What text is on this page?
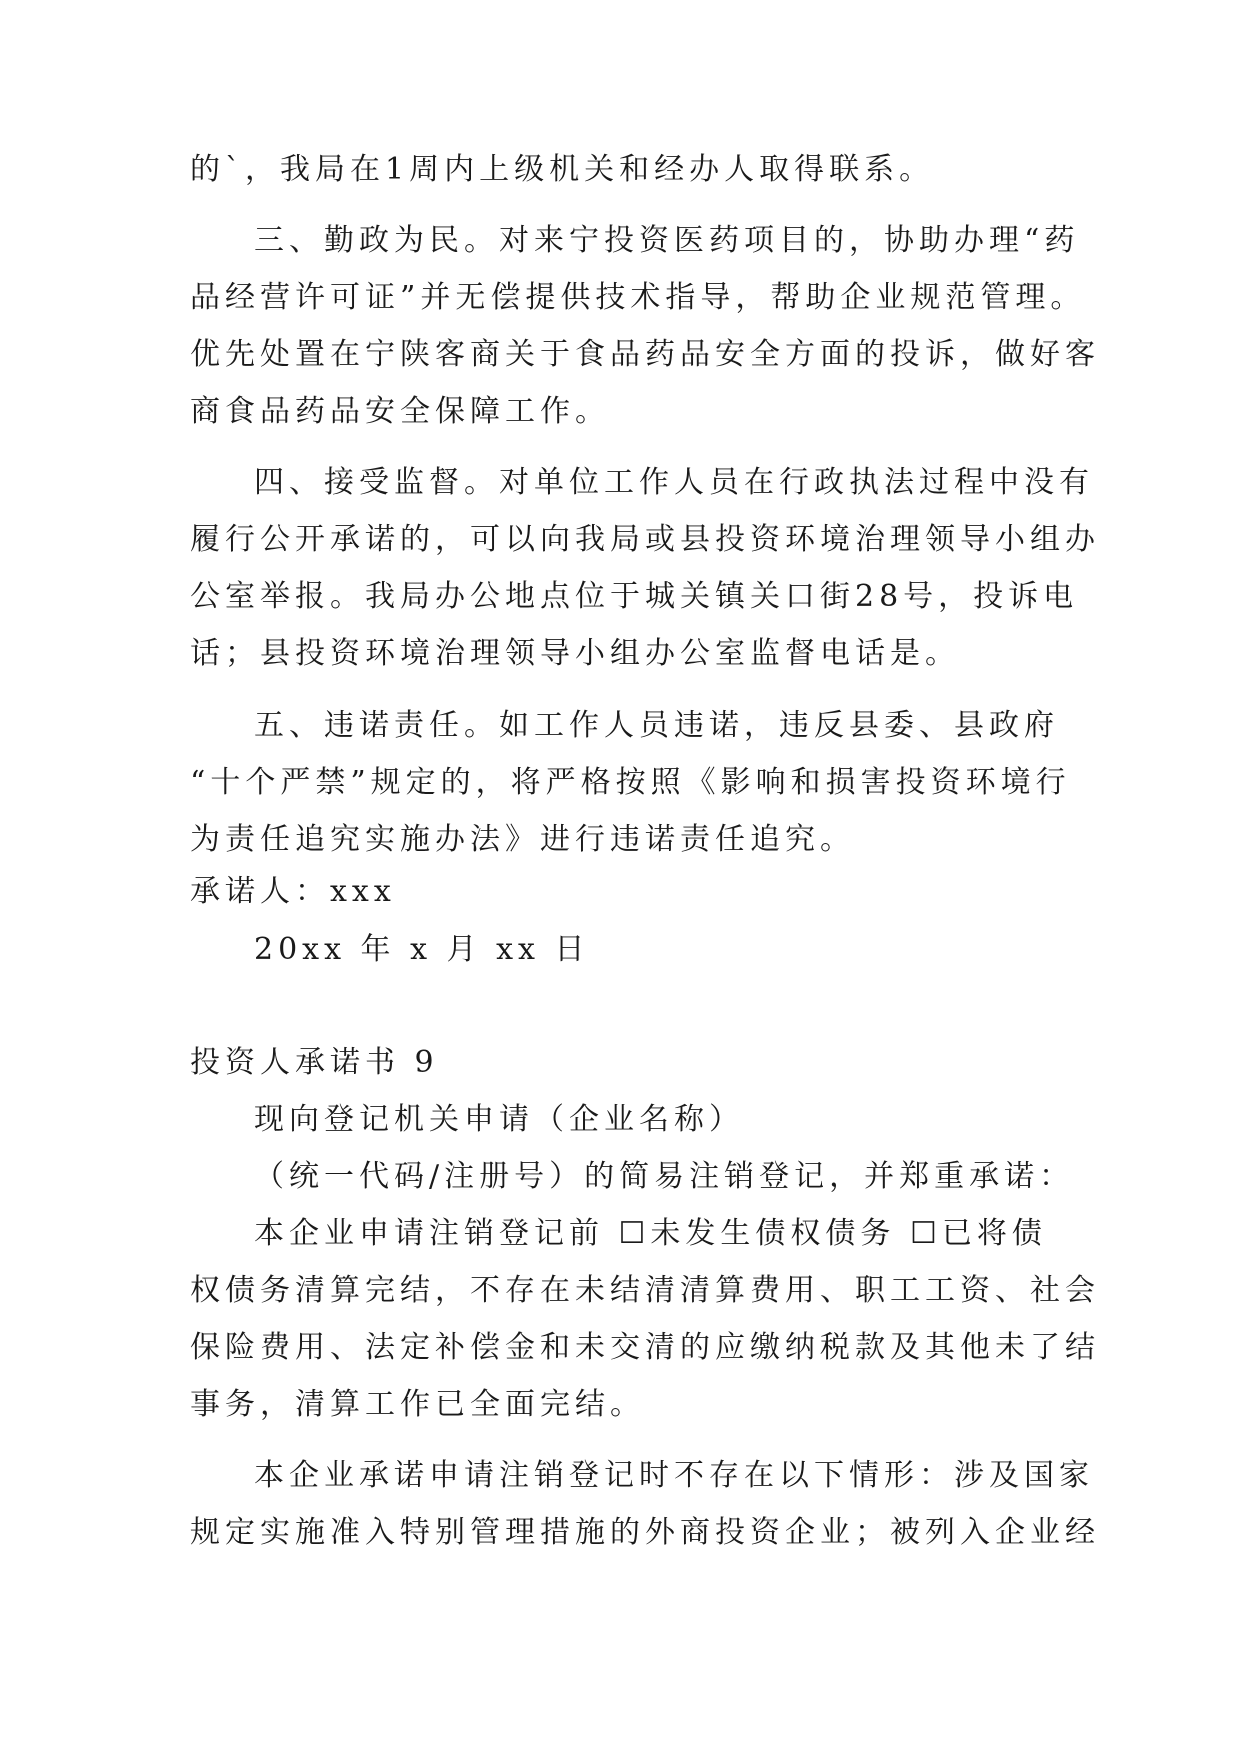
的`，我局在1周内上级机关和经办人取得联系。
三、勤政为民。对来宁投资医药项目的，协助办理“药
品经营许可证”并无偿提供技术指导，帮助企业规范管理。
优先处置在宁陕客商关于食品药品安全方面的投诉，做好客
商食品药品安全保障工作。
四、接受监督。对单位工作人员在行政执法过程中没有
履行公开承诺的，可以向我局或县投资环境治理领导小组办
公室举报。我局办公地点位于城关镇关口街28号，投诉电
话；县投资环境治理领导小组办公室监督电话是。
五、违诺责任。如工作人员违诺，违反县委、县政府
“十个严禁”规定的，将严格按照《影响和损害投资环境行
为责任追究实施办法》进行违诺责任追究。
承诺人：xxx
20xx 年 x 月 xx 日
投资人承诺书 9
现向登记机关申请（企业名称）
（统一代码/注册号）的简易注销登记，并郑重承诺：
本企业申请注销登记前 ☐未发生债权债务 ☐已将债
权债务清算完结，不存在未结清清算费用、职工工资、社会
保险费用、法定补偿金和未交清的应缴纳税款及其他未了结
事务，清算工作已全面完结。
本企业承诺申请注销登记时不存在以下情形：涉及国家
规定实施准入特别管理措施的外商投资企业；被列入企业经
